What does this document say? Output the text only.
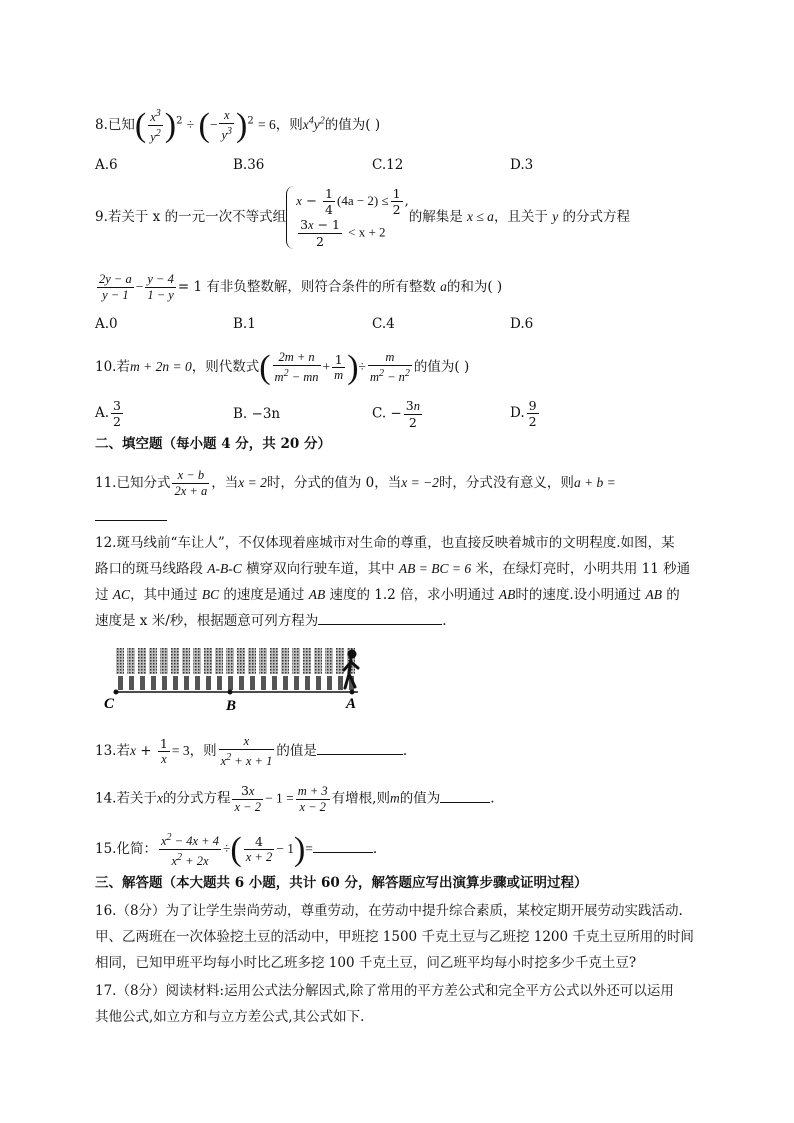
8.已知( $\frac{x^3}{y^2} )^2$ ÷ (− $\frac{x}{y^3} )^2 = 6$，则$x^4y^2$的值为( )
A.6	B.36	C.12	D.3
9.若关于 x 的一元一次不等式组
$x - \frac{1}{4} (4a - 2) \le \frac{1}{2}$ ,
$\frac{3x - 1}{2} < x + 2$
的解集是 x ≤ a，且关于 y 的分式方程
$\frac{2y - a}{y - 1} - \frac{y - 4}{1 - y} = 1$ 有非负整数解，则符合条件的所有整数 a的和为( )
A.0	B.1	C.4	D.6
10.若m + 2n = 0，则代数式( $\frac{2m + n}{m^2 - mn} + \frac{1}{m}$ )÷ $\frac{m}{m^2 - n^2}$ 的值为( )
A. $\frac{3}{2}$	B. −3n	C. − $\frac{3n}{2}$	D. $\frac{9}{2}$
二、填空题（每小题 4 分，共 20 分）
11.已知分式 $\frac{x - b}{2x + a}$ ，当x = 2时，分式的值为 0，当x = −2时，分式没有意义，则a + b =
12.斑马线前“车让人”，不仅体现着座城市对生命的尊重，也直接反映着城市的文明程度.如图，某
路口的斑马线路段 A-B-C 横穿双向行驶车道，其中 AB = BC = 6 米，在绿灯亮时，小明共用 11 秒通
过 AC，其中通过 BC 的速度是通过 AB 速度的 1.2 倍，求小明通过 AB时的速度.设小明通过 AB 的
速度是 x 米/秒，根据题意可列方程为	.
C	B	A
13.若$x + \frac{1}{x} = 3$，则 $\frac{x}{x^2 + x + 1}$ 的值是	.
14.若关于x的分式方程 $\frac{3x}{x - 2} - 1 = \frac{m + 3}{x - 2}$ 有增根,则m的值为	.
15.化简： $\frac{x^2 - 4x + 4}{x^2 + 2x}$ ÷( $\frac{4}{x + 2} - 1)=$	.
三、解答题（本大题共 6 小题，共计 60 分，解答题应写出演算步骤或证明过程）
16.（8分）为了让学生崇尚劳动，尊重劳动，在劳动中提升综合素质，某校定期开展劳动实践活动.
甲、乙两班在一次体验挖土豆的活动中，甲班挖 1500 千克土豆与乙班挖 1200 千克土豆所用的时间
相同，已知甲班平均每小时比乙班多挖 100 千克土豆，问乙班平均每小时挖多少千克土豆?
17.（8分）阅读材料:运用公式法分解因式,除了常用的平方差公式和完全平方公式以外还可以运用
其他公式,如立方和与立方差公式,其公式如下.
